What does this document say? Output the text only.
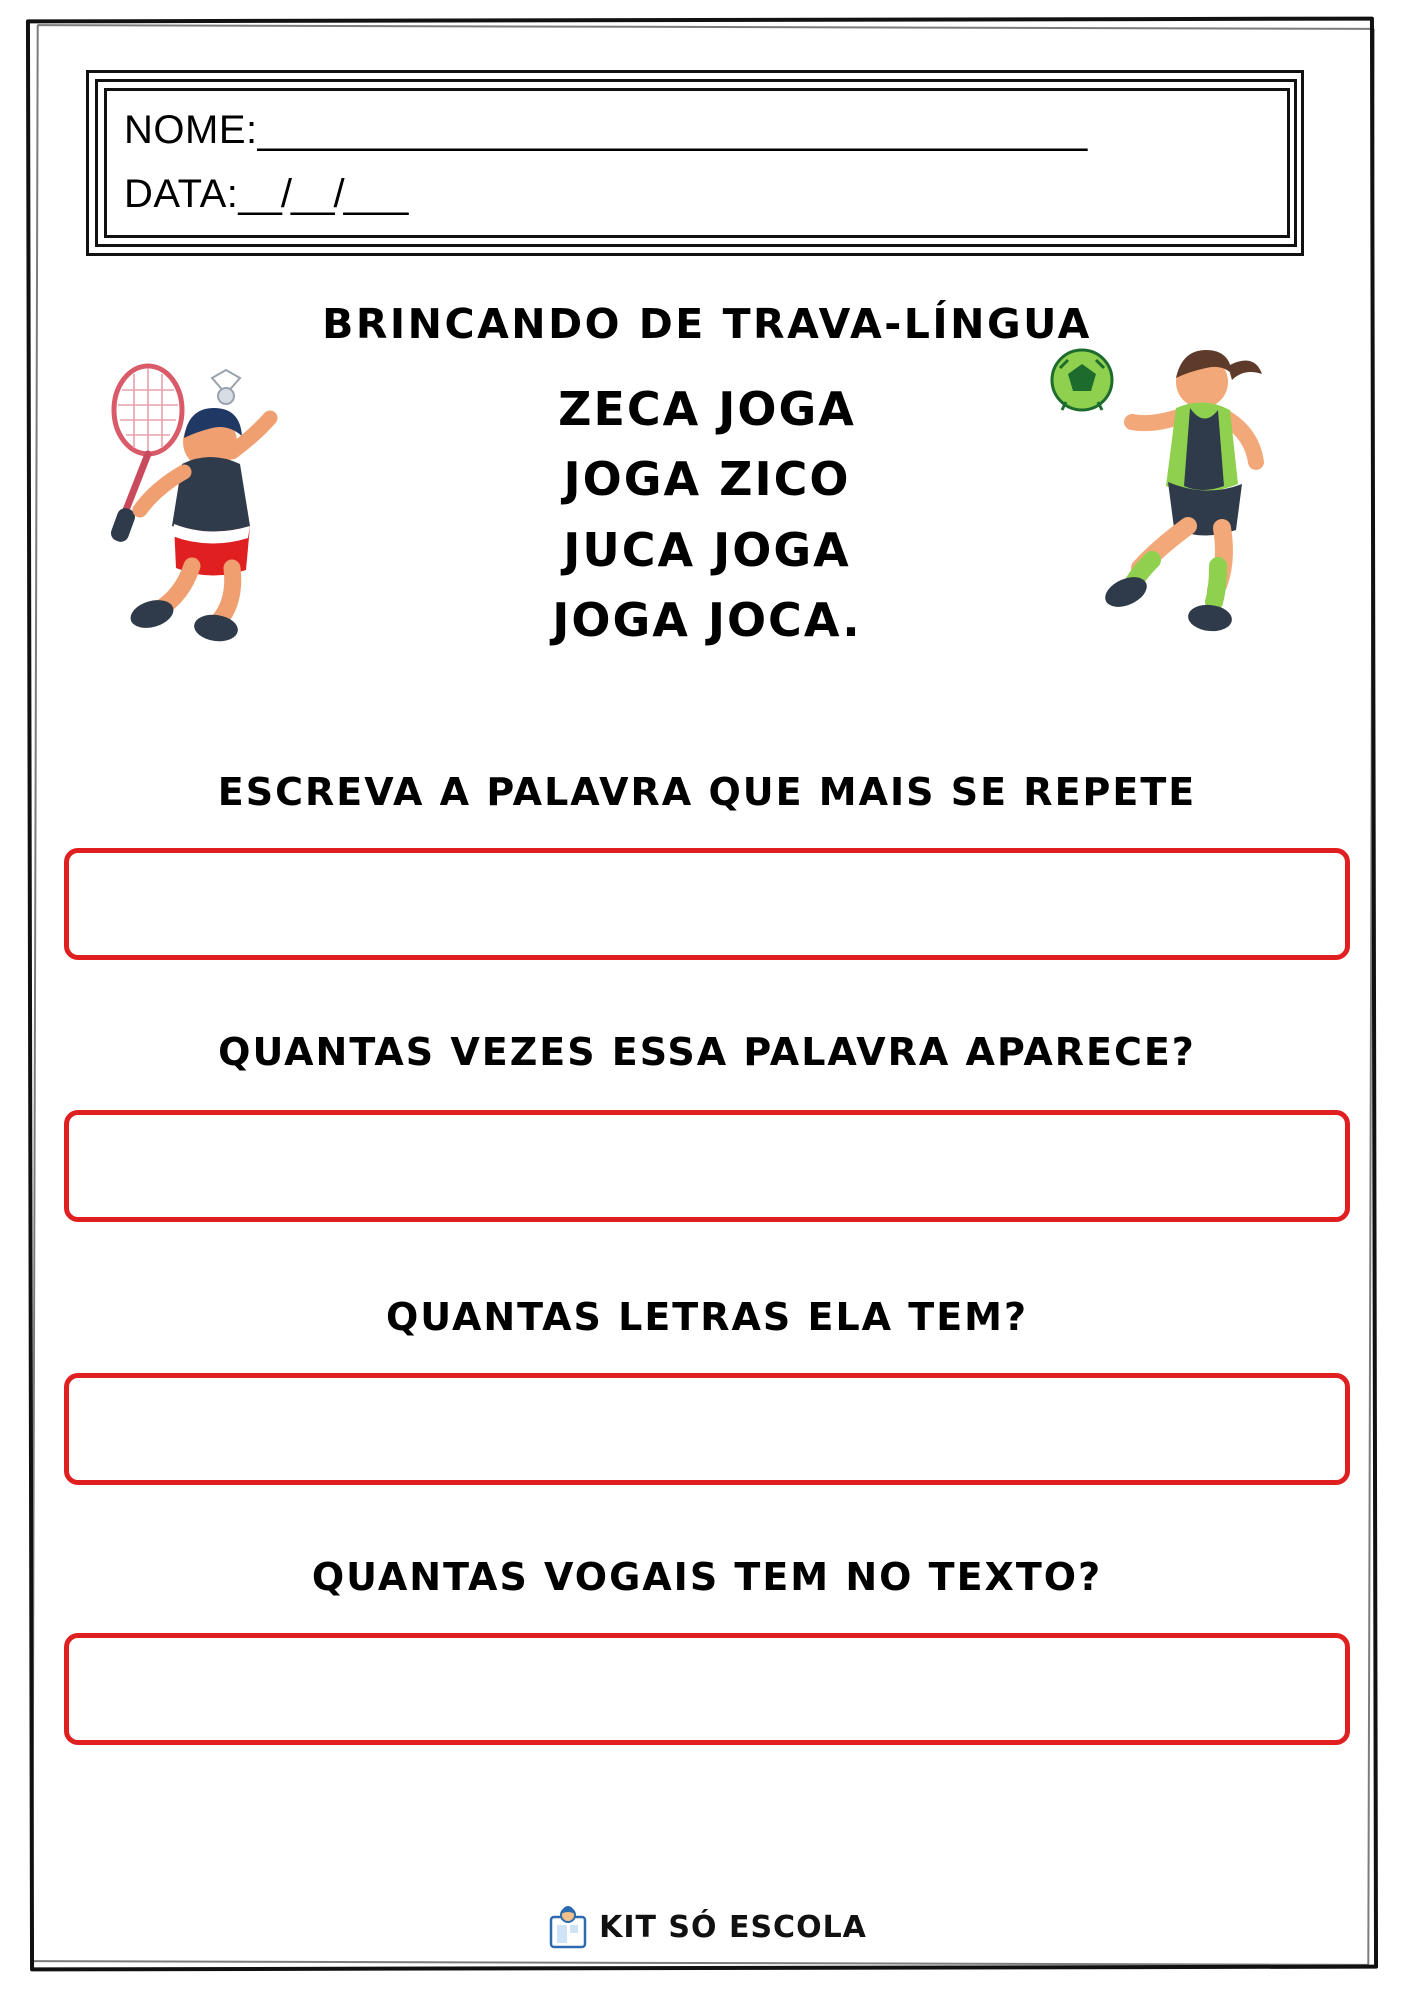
NOME:_______________________________________
DATA:__/__/___
BRINCANDO DE TRAVA-LÍNGUA
ZECA JOGA
JOGA ZICO
JUCA JOGA
JOGA JOCA.
ESCREVA A PALAVRA QUE MAIS SE REPETE
QUANTAS VEZES ESSA PALAVRA APARECE?
QUANTAS LETRAS ELA TEM?
QUANTAS VOGAIS TEM NO TEXTO?
KIT SÓ ESCOLA
